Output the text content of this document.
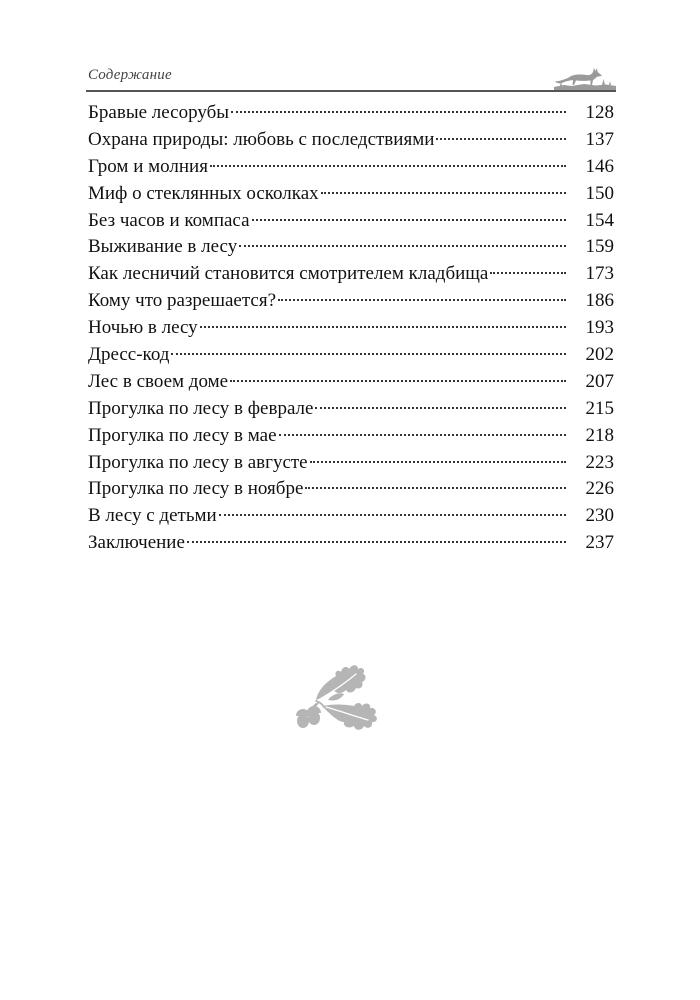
Содержание
Бравые лесорубы	128
Охрана природы: любовь с последствиями	137
Гром и молния	146
Миф о стеклянных осколках	150
Без часов и компаса	154
Выживание в лесу	159
Как лесничий становится смотрителем кладбища	173
Кому что разрешается?	186
Ночью в лесу	193
Дресс-код	202
Лес в своем доме	207
Прогулка по лесу в феврале	215
Прогулка по лесу в мае	218
Прогулка по лесу в августе	223
Прогулка по лесу в ноябре	226
В лесу с детьми	230
Заключение	237
